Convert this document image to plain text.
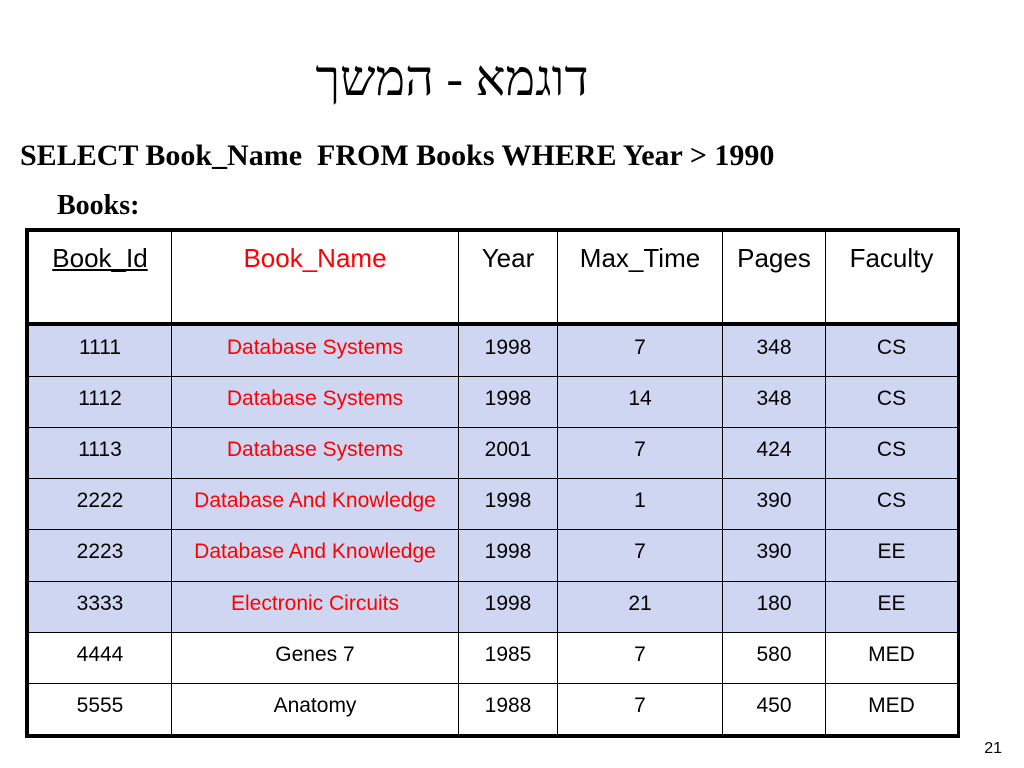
דוגמא - המשך
SELECT Book_Name  FROM Books WHERE Year > 1990
Books:
Book_Id	Book_Name	Year	Max_Time	Pages	Faculty
1111	Database Systems	1998	7	348	CS
1112	Database Systems	1998	14	348	CS
1113	Database Systems	2001	7	424	CS
2222	Database And Knowledge	1998	1	390	CS
2223	Database And Knowledge	1998	7	390	EE
3333	Electronic Circuits	1998	21	180	EE
4444	Genes 7	1985	7	580	MED
5555	Anatomy	1988	7	450	MED
21
